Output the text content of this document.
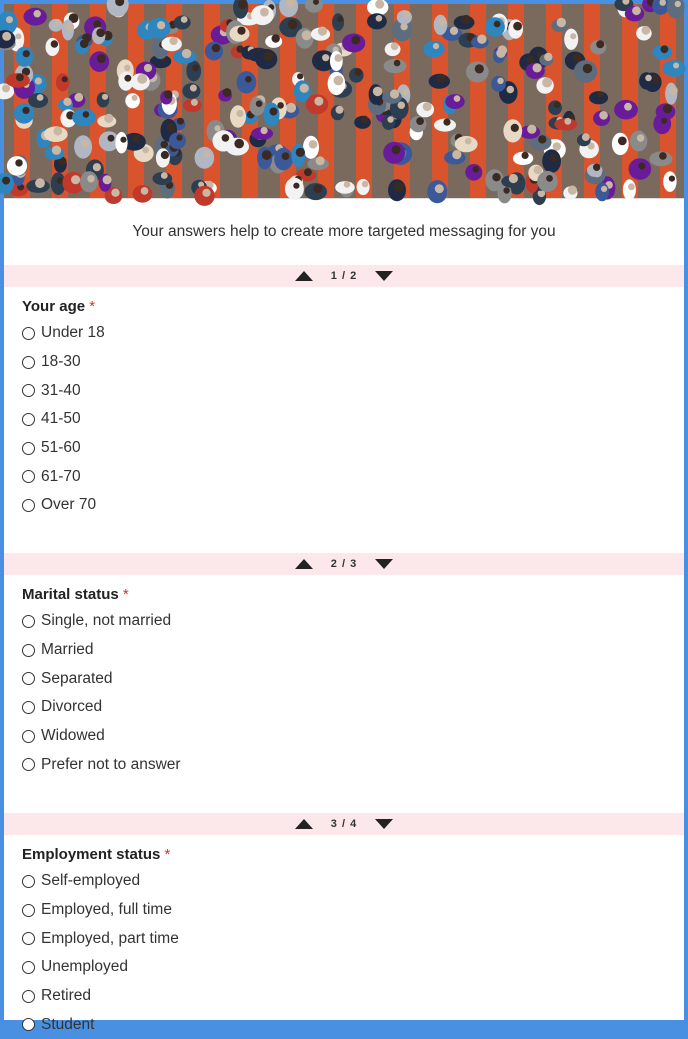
Your answers help to create more targeted messaging for you
1 / 2
Your age *
Under 18
18-30
31-40
41-50
51-60
61-70
Over 70
2 / 3
Marital status *
Single, not married
Married
Separated
Divorced
Widowed
Prefer not to answer
3 / 4
Employment status *
Self-employed
Employed, full time
Employed, part time
Unemployed
Retired
Student
